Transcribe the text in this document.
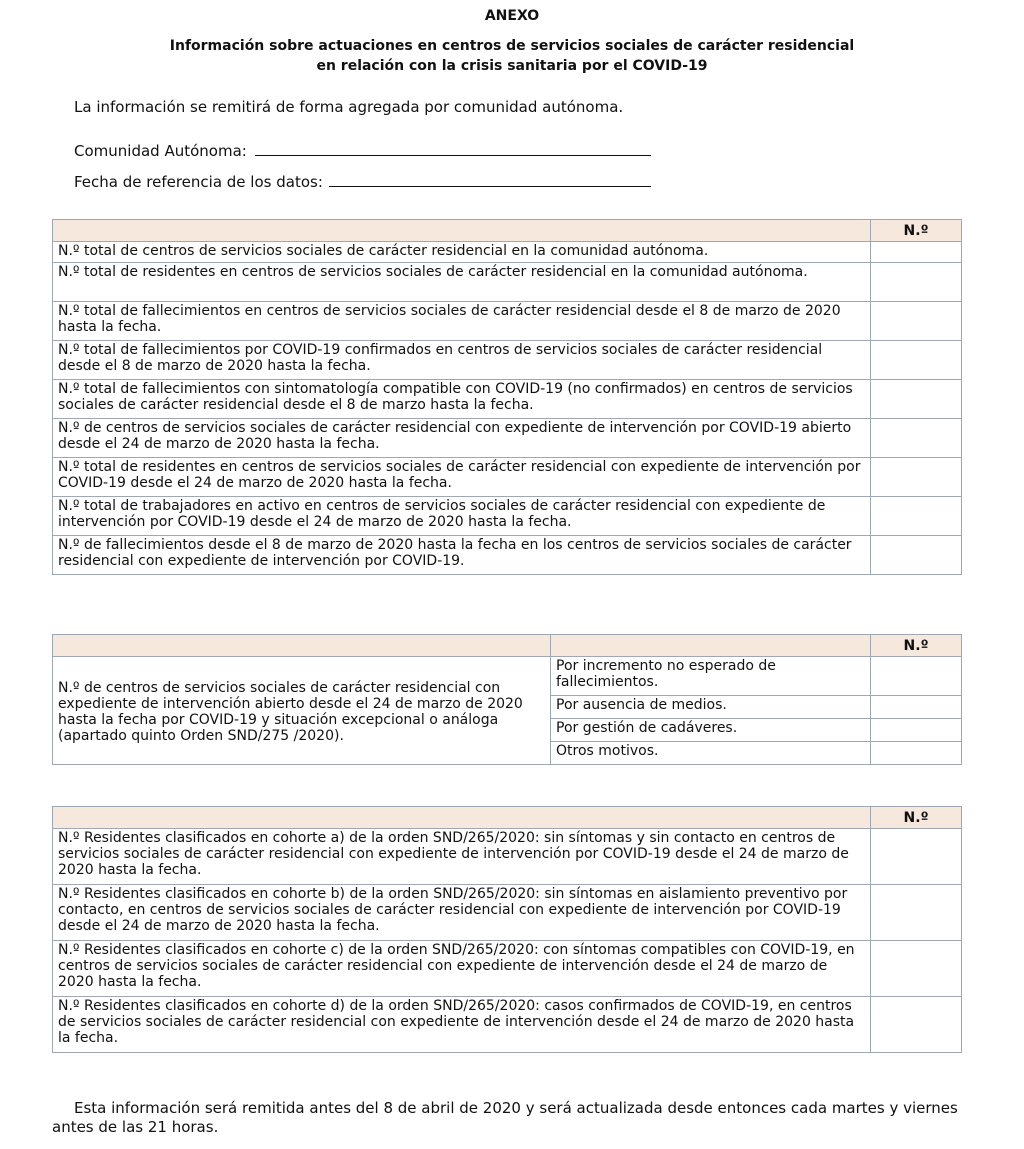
ANEXO
Información sobre actuaciones en centros de servicios sociales de carácter residencial
en relación con la crisis sanitaria por el COVID-19
La información se remitirá de forma agregada por comunidad autónoma.
Comunidad Autónoma:
Fecha de referencia de los datos:
	N.º
N.º total de centros de servicios sociales de carácter residencial en la comunidad autónoma.	
N.º total de residentes en centros de servicios sociales de carácter residencial en la comunidad autónoma.	
N.º total de fallecimientos en centros de servicios sociales de carácter residencial desde el 8 de marzo de 2020 hasta la fecha.	
N.º total de fallecimientos por COVID-19 confirmados en centros de servicios sociales de carácter residencial desde el 8 de marzo de 2020 hasta la fecha.	
N.º total de fallecimientos con sintomatología compatible con COVID-19 (no confirmados) en centros de servicios sociales de carácter residencial desde el 8 de marzo hasta la fecha.	
N.º de centros de servicios sociales de carácter residencial con expediente de intervención por COVID-19 abierto desde el 24 de marzo de 2020 hasta la fecha.	
N.º total de residentes en centros de servicios sociales de carácter residencial con expediente de intervención por COVID-19 desde el 24 de marzo de 2020 hasta la fecha.	
N.º total de trabajadores en activo en centros de servicios sociales de carácter residencial con expediente de intervención por COVID-19 desde el 24 de marzo de 2020 hasta la fecha.	
N.º de fallecimientos desde el 8 de marzo de 2020 hasta la fecha en los centros de servicios sociales de carácter residencial con expediente de intervención por COVID-19.	
		N.º
N.º de centros de servicios sociales de carácter residencial con expediente de intervención abierto desde el 24 de marzo de 2020 hasta la fecha por COVID-19 y situación excepcional o análoga (apartado quinto Orden SND/275 /2020).	Por incremento no esperado de fallecimientos.	
	Por ausencia de medios.	
	Por gestión de cadáveres.	
	Otros motivos.	
	N.º
N.º Residentes clasificados en cohorte a) de la orden SND/265/2020: sin síntomas y sin contacto en centros de servicios sociales de carácter residencial con expediente de intervención por COVID-19 desde el 24 de marzo de 2020 hasta la fecha.	
N.º Residentes clasificados en cohorte b) de la orden SND/265/2020: sin síntomas en aislamiento preventivo por contacto, en centros de servicios sociales de carácter residencial con expediente de intervención por COVID-19 desde el 24 de marzo de 2020 hasta la fecha.	
N.º Residentes clasificados en cohorte c) de la orden SND/265/2020: con síntomas compatibles con COVID-19, en centros de servicios sociales de carácter residencial con expediente de intervención desde el 24 de marzo de 2020 hasta la fecha.	
N.º Residentes clasificados en cohorte d) de la orden SND/265/2020: casos confirmados de COVID-19, en centros de servicios sociales de carácter residencial con expediente de intervención desde el 24 de marzo de 2020 hasta la fecha.	
Esta información será remitida antes del 8 de abril de 2020 y será actualizada desde entonces cada martes y viernes antes de las 21 horas.
